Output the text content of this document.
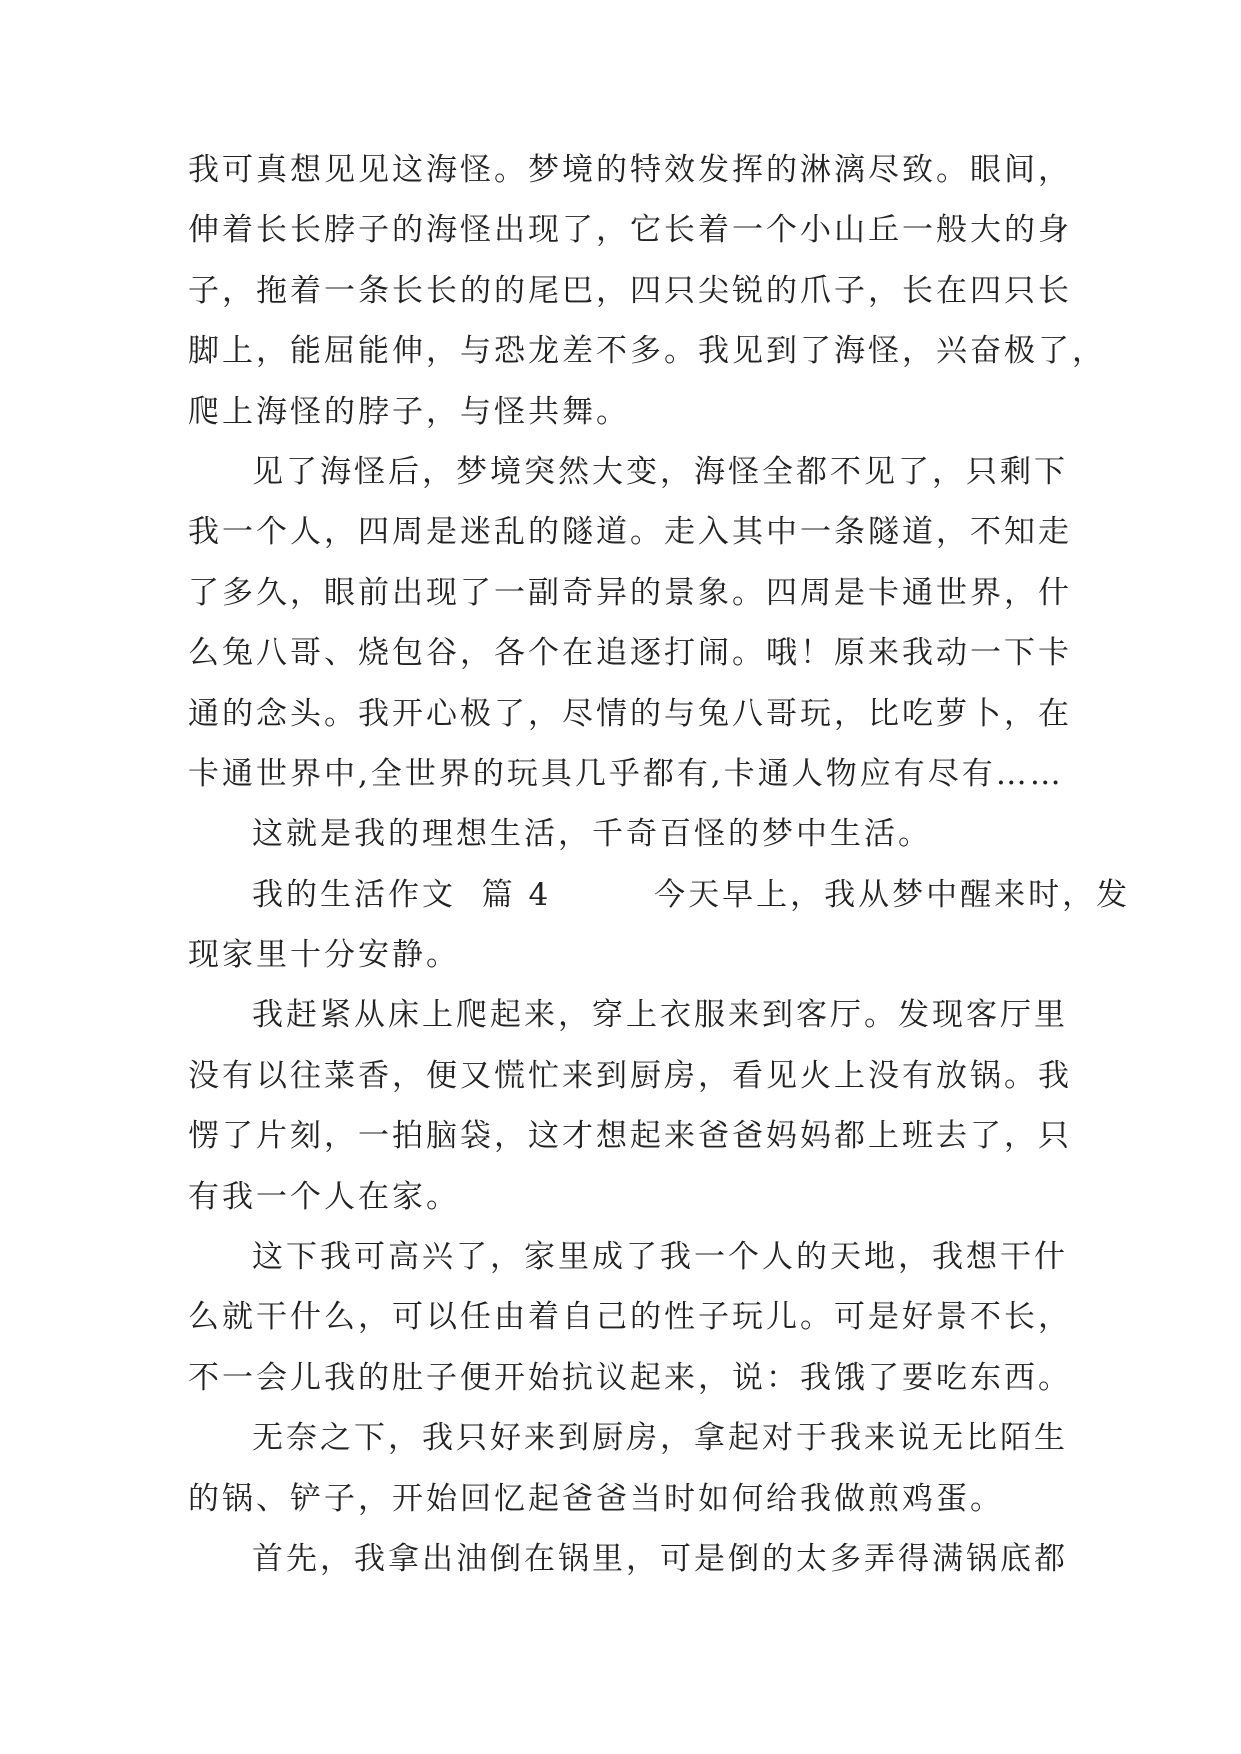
我可真想见见这海怪。梦境的特效发挥的淋漓尽致。眼间，
伸着长长脖子的海怪出现了，它长着一个小山丘一般大的身
子，拖着一条长长的的尾巴，四只尖锐的爪子，长在四只长
脚上，能屈能伸，与恐龙差不多。我见到了海怪，兴奋极了，
爬上海怪的脖子，与怪共舞。
见了海怪后，梦境突然大变，海怪全都不见了，只剩下
我一个人，四周是迷乱的隧道。走入其中一条隧道，不知走
了多久，眼前出现了一副奇异的景象。四周是卡通世界，什
么兔八哥、烧包谷，各个在追逐打闹。哦！原来我动一下卡
通的念头。我开心极了，尽情的与兔八哥玩，比吃萝卜，在
卡通世界中,全世界的玩具几乎都有,卡通人物应有尽有……
这就是我的理想生活，千奇百怪的梦中生活。
我的生活作文  篇 4        今天早上，我从梦中醒来时，发
现家里十分安静。
我赶紧从床上爬起来，穿上衣服来到客厅。发现客厅里
没有以往菜香，便又慌忙来到厨房，看见火上没有放锅。我
愣了片刻，一拍脑袋，这才想起来爸爸妈妈都上班去了，只
有我一个人在家。
这下我可高兴了，家里成了我一个人的天地，我想干什
么就干什么，可以任由着自己的性子玩儿。可是好景不长，
不一会儿我的肚子便开始抗议起来，说：我饿了要吃东西。
无奈之下，我只好来到厨房，拿起对于我来说无比陌生
的锅、铲子，开始回忆起爸爸当时如何给我做煎鸡蛋。
首先，我拿出油倒在锅里，可是倒的太多弄得满锅底都
